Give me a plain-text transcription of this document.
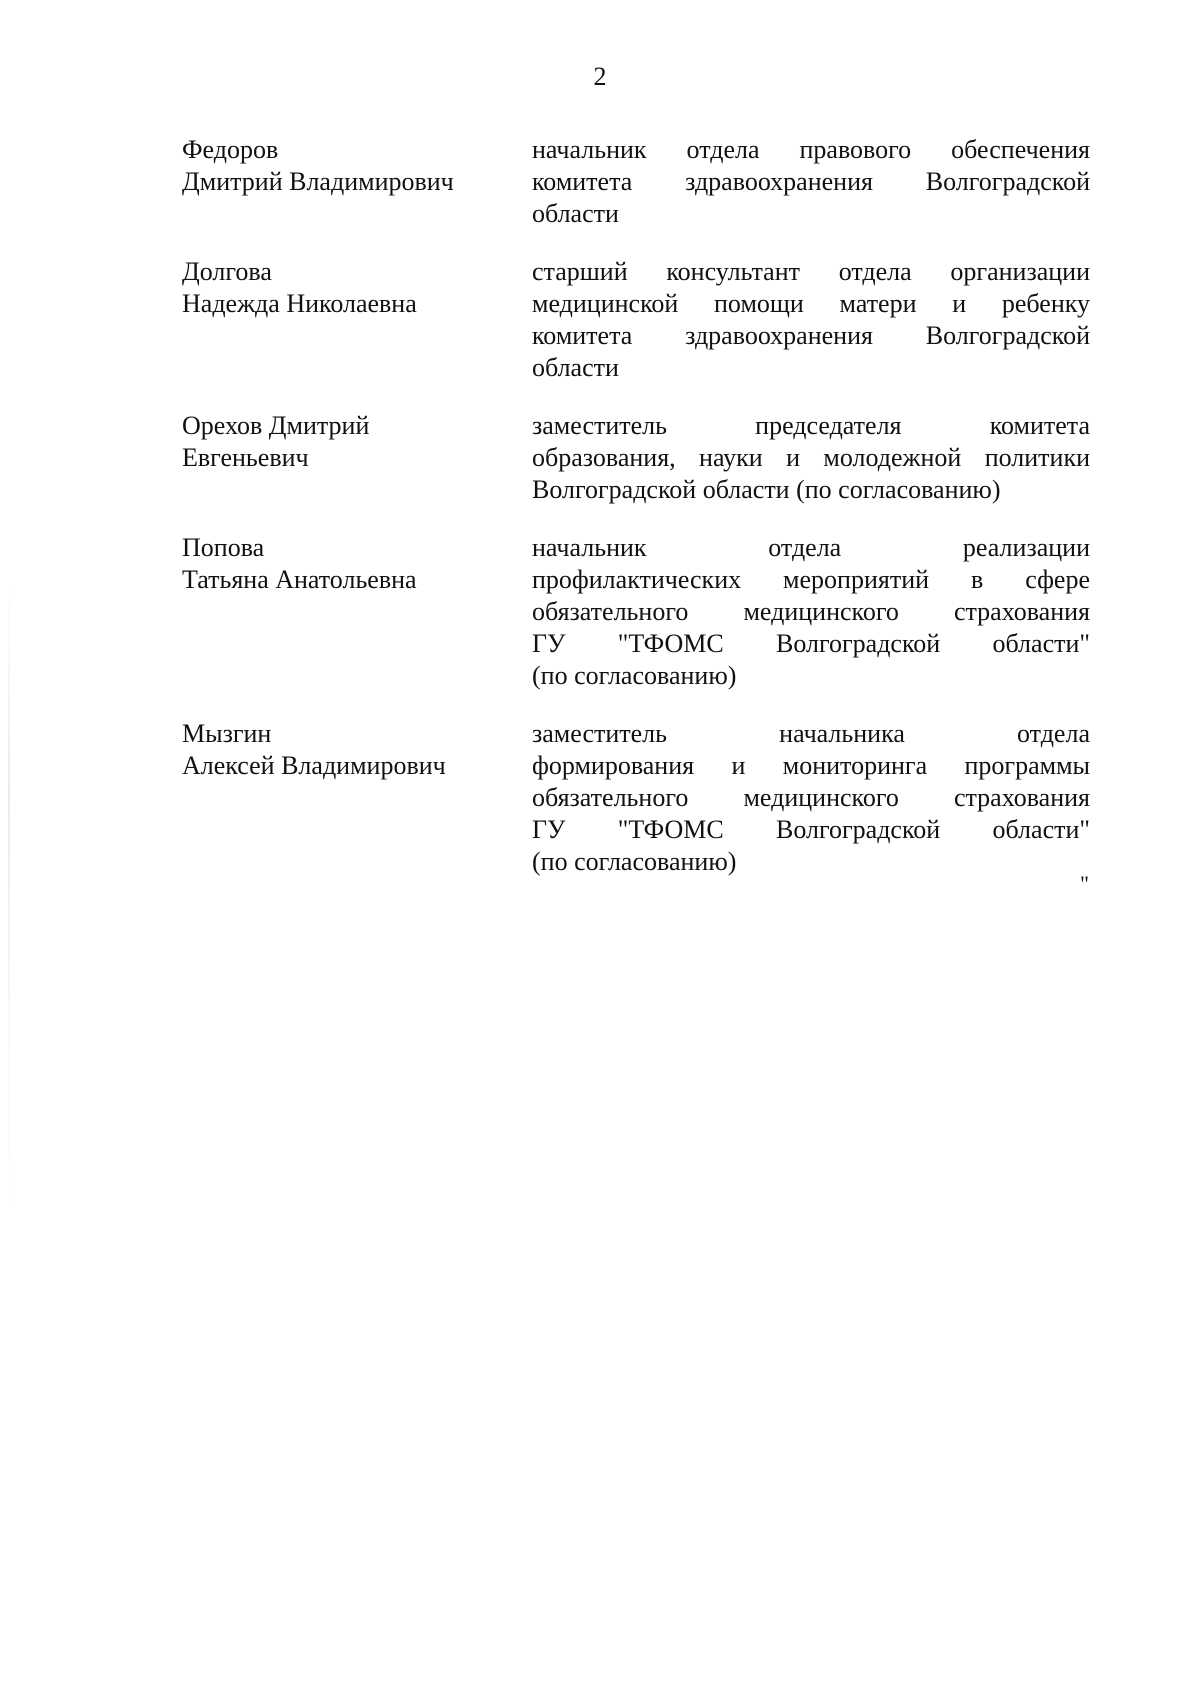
2
Федоров
Дмитрий Владимирович
начальник отдела правового обеспечения
комитета здравоохранения Волгоградской
области
Долгова
Надежда Николаевна
старший консультант отдела организации
медицинской помощи матери и ребенку
комитета здравоохранения Волгоградской
области
Орехов Дмитрий
Евгеньевич
заместитель председателя комитета
образования, науки и молодежной политики
Волгоградской области (по согласованию)
Попова
Татьяна Анатольевна
начальник отдела реализации
профилактических мероприятий в сфере
обязательного медицинского страхования
ГУ "ТФОМС Волгоградской области"
(по согласованию)
Мызгин
Алексей Владимирович
заместитель начальника отдела
формирования и мониторинга программы
обязательного медицинского страхования
ГУ "ТФОМС Волгоградской области"
(по согласованию)
"
